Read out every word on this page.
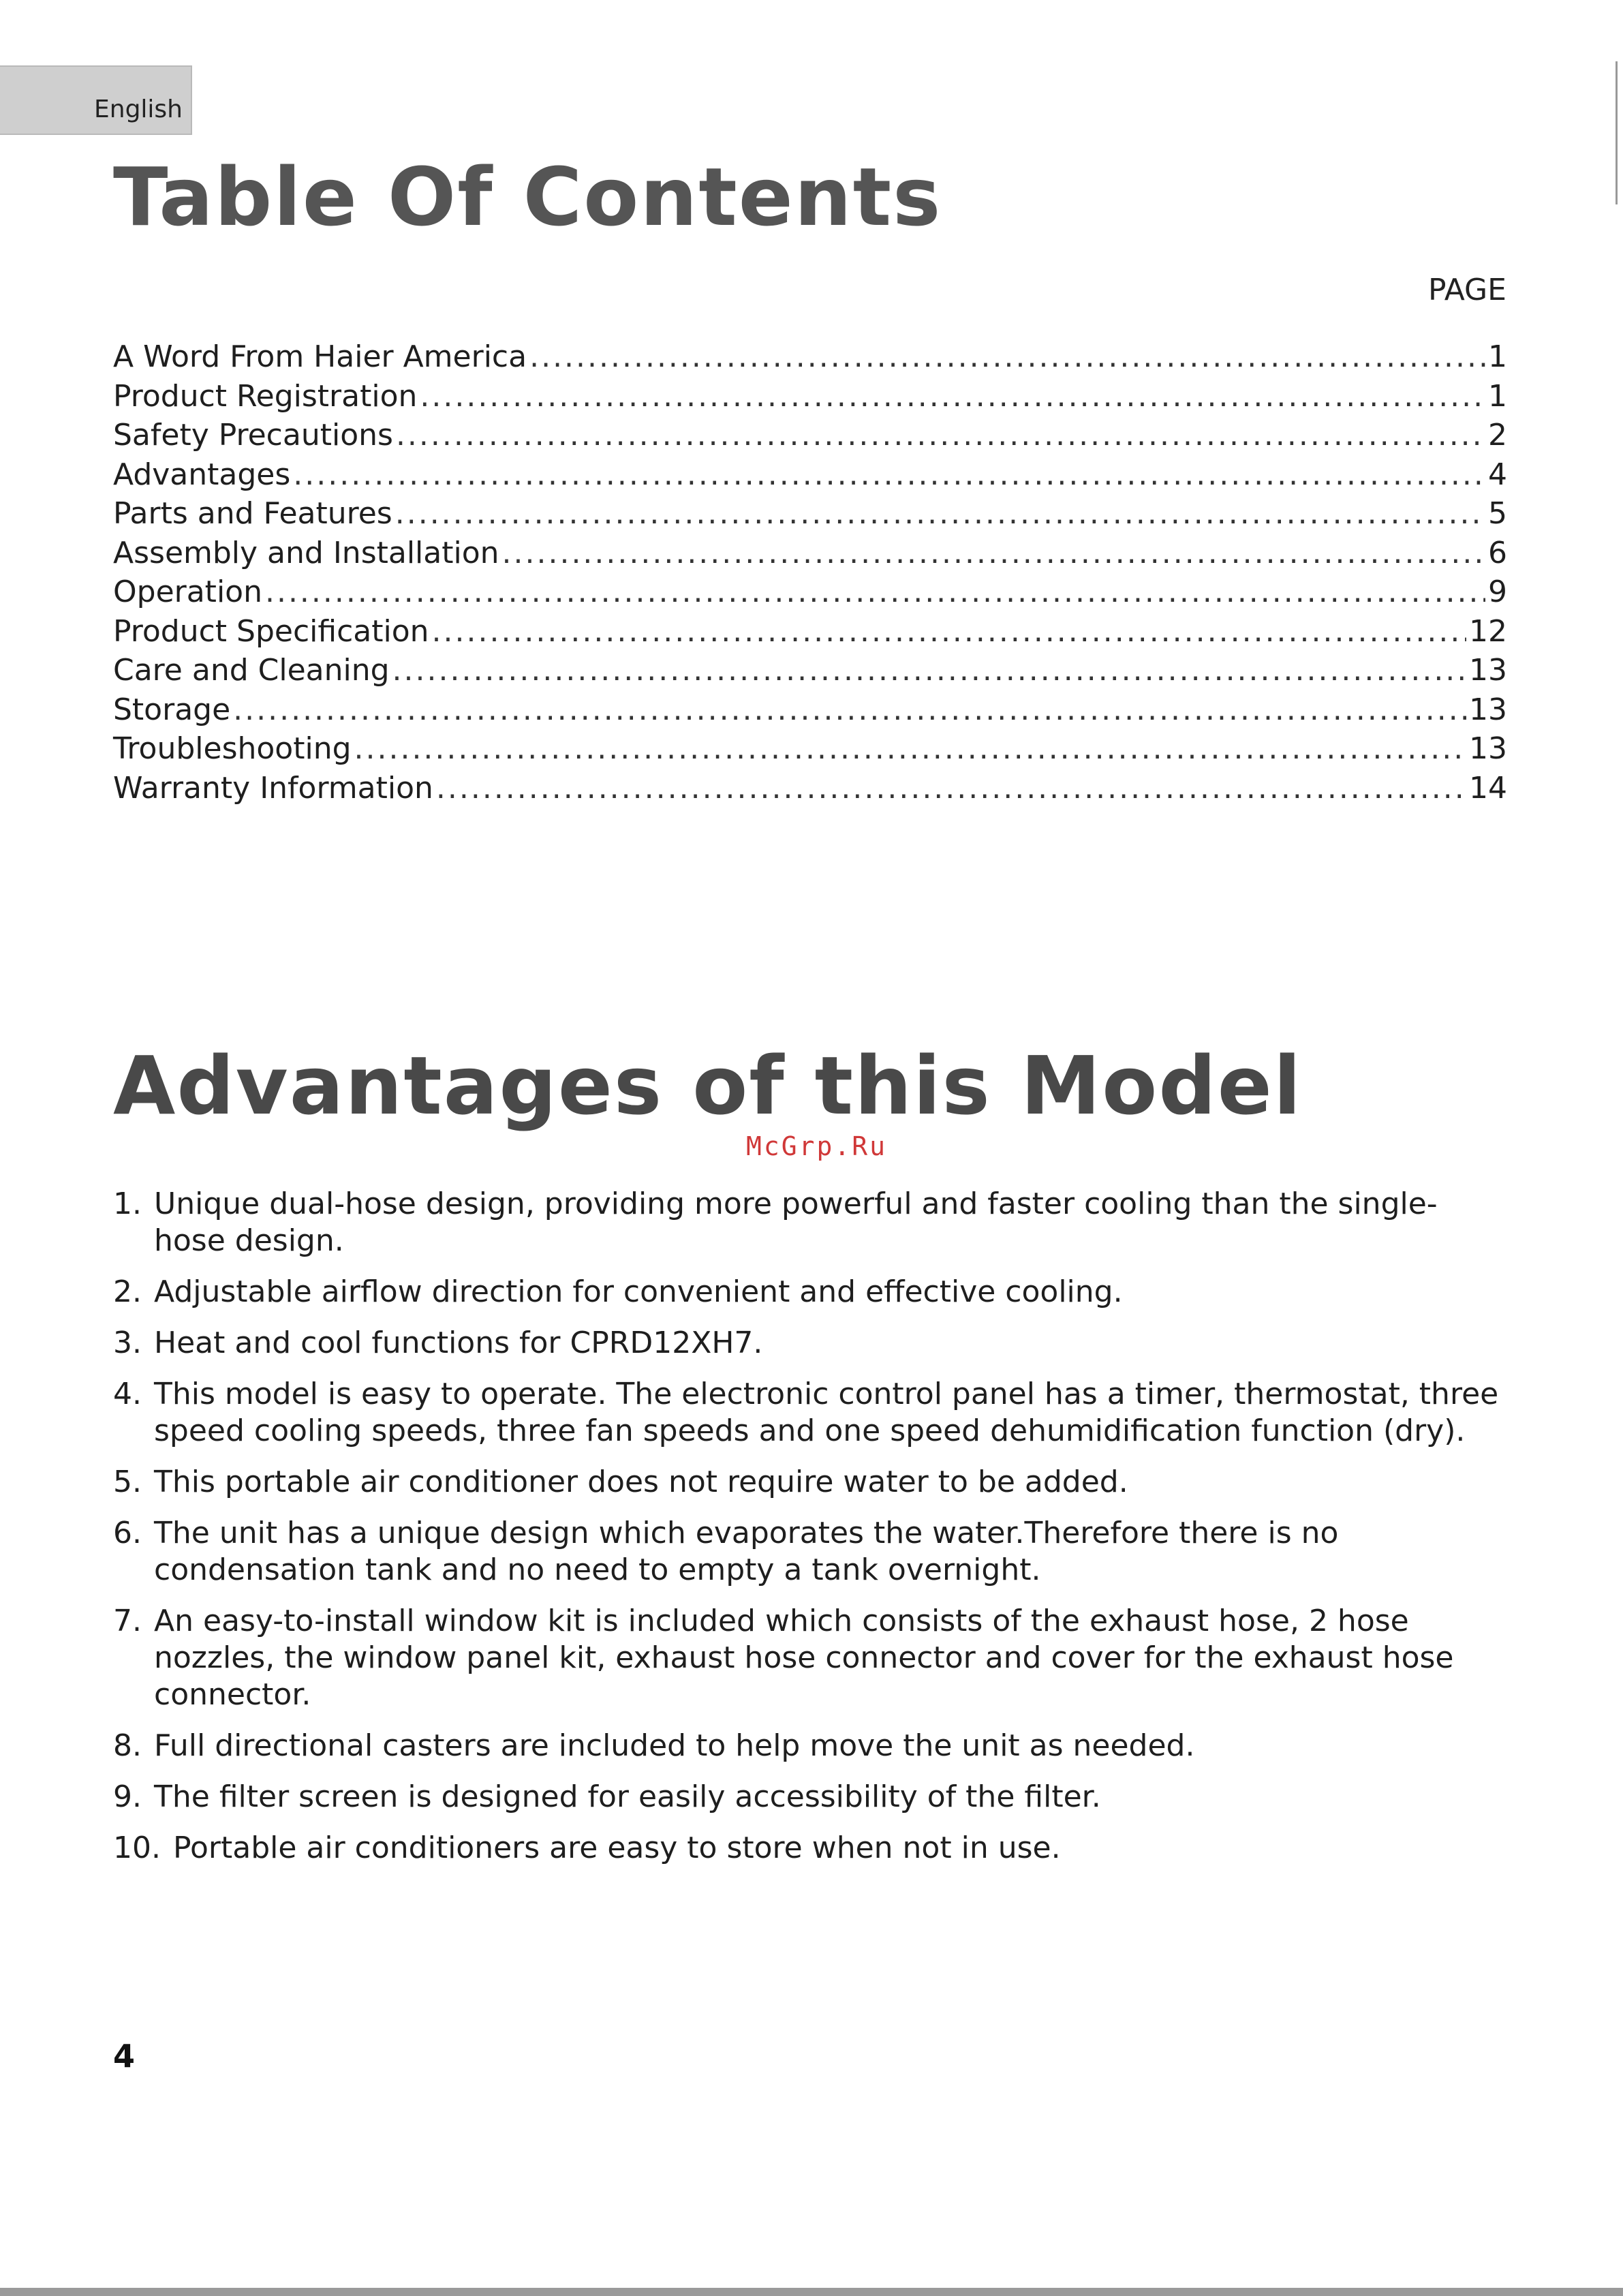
English
Table Of Contents
PAGE
A Word From Haier America .....	1
Product Registration .....	1
Safety Precautions .....	2
Advantages .....	4
Parts and Features .....	5
Assembly and Installation .....	6
Operation .....	9
Product Specification .....	12
Care and Cleaning .....	13
Storage .....	13
Troubleshooting .....	13
Warranty Information .....	14
Advantages of this Model
McGrp.Ru
1. Unique dual-hose design, providing more powerful and faster cooling than the single-hose design.
2. Adjustable airflow direction for convenient and effective cooling.
3. Heat and cool functions for CPRD12XH7.
4. This model is easy to operate. The electronic control panel has a timer, thermostat, three speed cooling speeds, three fan speeds and one speed dehumidification function (dry).
5. This portable air conditioner does not require water to be added.
6. The unit has a unique design which evaporates the water.Therefore there is no condensation tank and no need to empty a tank overnight.
7. An easy-to-install window kit is included which consists of the exhaust hose, 2 hose nozzles, the window panel kit, exhaust hose connector and cover for the exhaust hose connector.
8. Full directional casters are included to help move the unit as needed.
9. The filter screen is designed for easily accessibility of the filter.
10. Portable air conditioners are easy to store when not in use.
4
